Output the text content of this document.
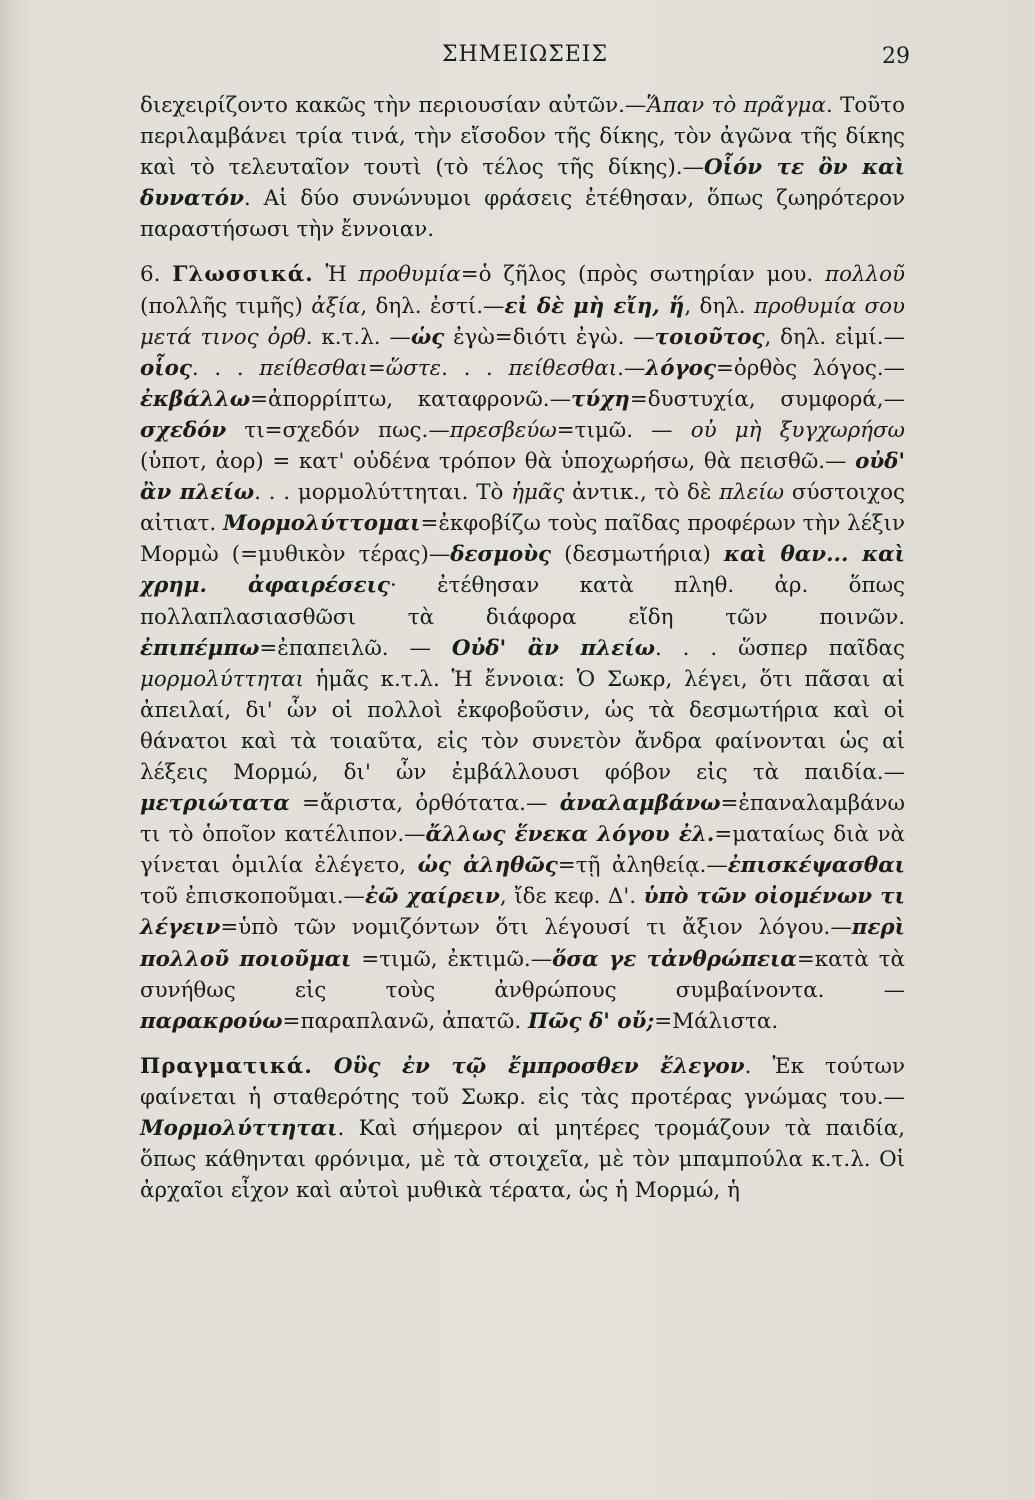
ΣΗΜΕΙΩΣΕΙΣ	29

διεχειρίζοντο κακῶς τὴν περιουσίαν αὐτῶν.—Ἅπαν τὸ πρᾶγμα. Τοῦτο περιλαμβάνει τρία τινά, τὴν εἴσοδον τῆς δίκης, τὸν ἀγῶνα τῆς δίκης καὶ τὸ τελευταῖον τουτὶ (τὸ τέλος τῆς δίκης).—Οἷόν τε ὂν καὶ δυνατόν. Αἱ δύο συνώνυμοι φράσεις ἐτέθησαν, ὅπως ζωηρότερον παραστήσωσι τὴν ἔννοιαν.

6. Γλωσσικά. Ἡ προθυμία=ὁ ζῆλος (πρὸς σωτηρίαν μου. πολλοῦ (πολλῆς τιμῆς) ἀξία, δηλ. ἐστί.—εἰ δὲ μὴ εἴη, ἥ, δηλ. προθυμία σου μετά τινος ὀρθ. κ.τ.λ. —ὡς ἐγὼ=διότι ἐγὼ. —τοιοῦτος, δηλ. εἰμί.—οἷος. . . πείθεσθαι=ὥστε. . . πείθεσθαι.—λόγος=ὀρθὸς λόγος.—ἐκβάλλω=ἀπορρίπτω, καταφρονῶ.—τύχη=δυστυχία, συμφορά,—σχεδόν τι=σχεδόν πως.—πρεσβεύω=τιμῶ. — οὐ μὴ ξυγχωρήσω (ὑποτ, ἀορ) = κατ' οὐδένα τρόπον θὰ ὑποχωρήσω, θὰ πεισθῶ.— οὐδ' ἂν πλείω. . . μορμολύττηται. Τὸ ἡμᾶς ἀντικ., τὸ δὲ πλείω σύστοιχος αἰτιατ. Μορμολύττομαι=ἐκφοβίζω τοὺς παῖδας προφέρων τὴν λέξιν Μορμὼ (=μυθικὸν τέρας)—δεσμοὺς (δεσμωτήρια) καὶ θαν... καὶ χρημ. ἀφαιρέσεις· ἐτέθησαν κατὰ πληθ. ἀρ. ὅπως πολλαπλασιασθῶσι τὰ διάφορα εἴδη τῶν ποινῶν. ἐπιπέμπω=ἐπαπειλῶ. — Οὐδ' ἂν πλείω. . . ὥσπερ παῖδας μορμολύττηται ἡμᾶς κ.τ.λ. Ἡ ἔννοια: Ὁ Σωκρ, λέγει, ὅτι πᾶσαι αἱ ἀπειλαί, δι' ὧν οἱ πολλοὶ ἐκφοβοῦσιν, ὡς τὰ δεσμωτήρια καὶ οἱ θάνατοι καὶ τὰ τοιαῦτα, εἰς τὸν συνετὸν ἄνδρα φαίνονται ὡς αἱ λέξεις Μορμώ, δι' ὧν ἐμβάλλουσι φόβον εἰς τὰ παιδία.—μετριώτατα =ἄριστα, ὀρθότατα.— ἀναλαμβάνω=ἐπαναλαμβάνω τι τὸ ὁποῖον κατέλιπον.—ἄλλως ἕνεκα λόγου ἐλ.=ματαίως διὰ νὰ γίνεται ὁμιλία ἐλέγετο, ὡς ἀληθῶς=τῇ ἀληθείᾳ.—ἐπισκέψασθαι τοῦ ἐπισκοποῦμαι.—ἐῶ χαίρειν, ἴδε κεφ. Δ'. ὑπὸ τῶν οἰομένων τι λέγειν=ὑπὸ τῶν νομιζόντων ὅτι λέγουσί τι ἄξιον λόγου.—περὶ πολλοῦ ποιοῦμαι =τιμῶ, ἐκτιμῶ.—ὅσα γε τἀνθρώπεια=κατὰ τὰ συνήθως εἰς τοὺς ἀνθρώπους συμβαίνοντα. —παρακρούω=παραπλανῶ, ἀπατῶ. Πῶς δ' οὔ;=Μάλιστα.

Πραγματικά. Οὓς ἐν τῷ ἔμπροσθεν ἔλεγον. Ἐκ τούτων φαίνεται ἡ σταθερότης τοῦ Σωκρ. εἰς τὰς προτέρας γνώμας του.—Μορμολύττηται. Καὶ σήμερον αἱ μητέρες τρομάζουν τὰ παιδία, ὅπως κάθηνται φρόνιμα, μὲ τὰ στοιχεῖα, μὲ τὸν μπαμπούλα κ.τ.λ. Οἱ ἀρχαῖοι εἶχον καὶ αὐτοὶ μυθικὰ τέρατα, ὡς ἡ Μορμώ, ἡ
